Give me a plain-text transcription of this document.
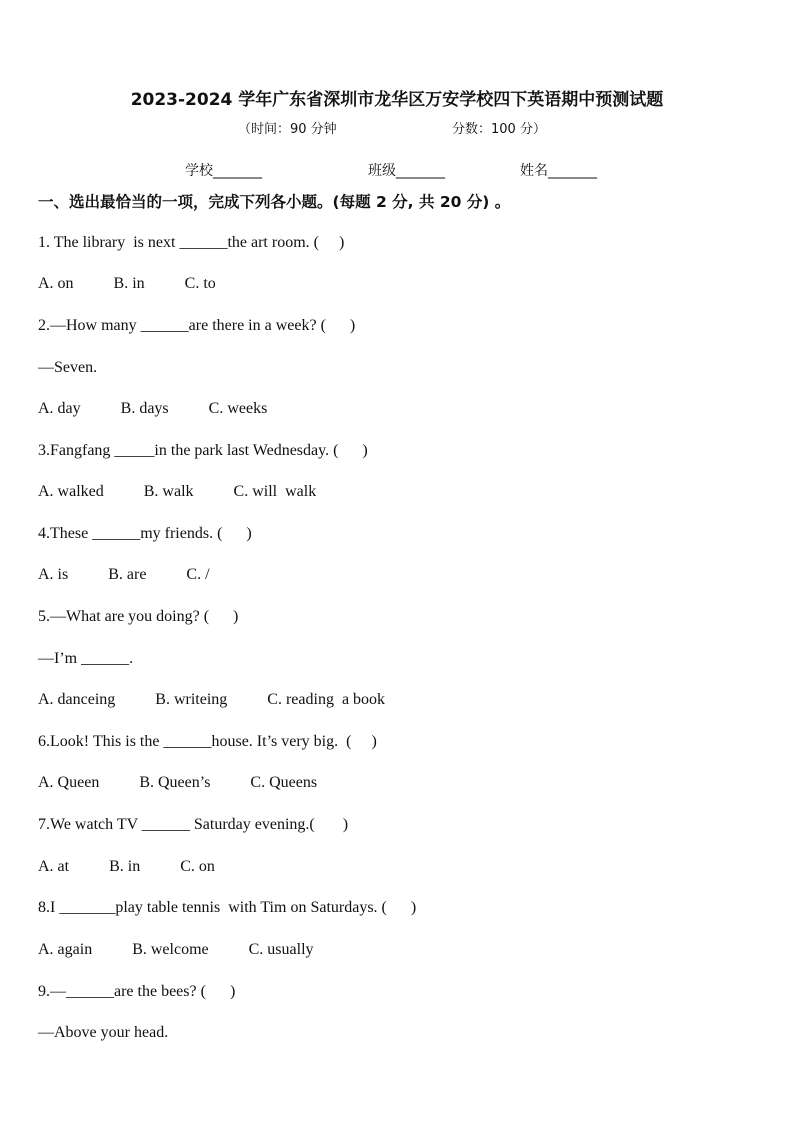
2023-2024 学年广东省深圳市龙华区万安学校四下英语期中预测试题
（时间：90 分钟	分数：100 分）
学校_______	班级_______	姓名_______
一、选出最恰当的一项，完成下列各小题。(每题 2 分, 共 20 分) 。
1. The library  is next ______the art room. (     )
A. on          B. in          C. to
2.—How many ______are there in a week? (      )
—Seven.
A. day          B. days          C. weeks
3.Fangfang _____in the park last Wednesday. (      )
A. walked          B. walk          C. will  walk
4.These ______my friends. (      )
A. is          B. are          C. /
5.—What are you doing? (      )
—I’m ______.
A. danceing          B. writeing          C. reading  a book
6.Look! This is the ______house. It’s very big.  (     )
A. Queen          B. Queen’s          C. Queens
7.We watch TV ______ Saturday evening.(       )
A. at          B. in          C. on
8.I _______play table tennis  with Tim on Saturdays. (      )
A. again          B. welcome          C. usually
9.—______are the bees? (      )
—Above your head.
